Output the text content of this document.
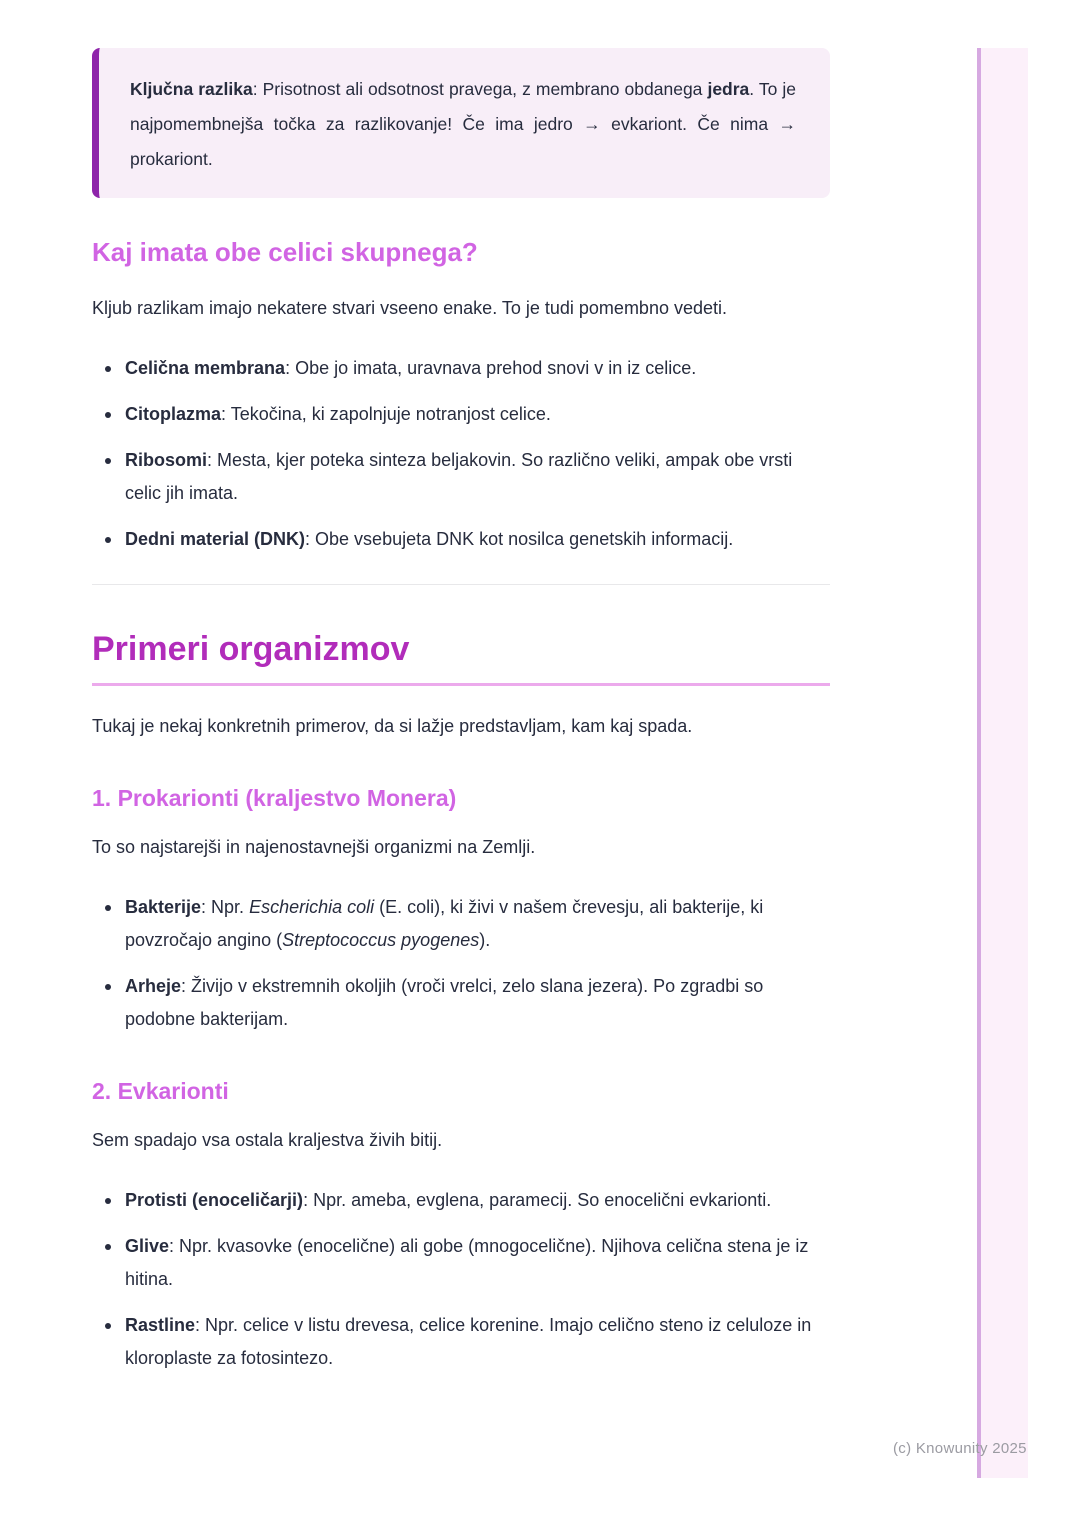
Ključna razlika: Prisotnost ali odsotnost pravega, z membrano obdanega jedra. To je najpomembnejša točka za razlikovanje! Če ima jedro → evkariont. Če nima → prokariont.

Kaj imata obe celici skupnega?

Kljub razlikam imajo nekatere stvari vseeno enake. To je tudi pomembno vedeti.

Celična membrana: Obe jo imata, uravnava prehod snovi v in iz celice.
Citoplazma: Tekočina, ki zapolnjuje notranjost celice.
Ribosomi: Mesta, kjer poteka sinteza beljakovin. So različno veliki, ampak obe vrsti celic jih imata.
Dedni material (DNK): Obe vsebujeta DNK kot nosilca genetskih informacij.
Primeri organizmov

Tukaj je nekaj konkretnih primerov, da si lažje predstavljam, kam kaj spada.

1. Prokarionti (kraljestvo Monera)

To so najstarejši in najenostavnejši organizmi na Zemlji.

Bakterije: Npr. Escherichia coli (E. coli), ki živi v našem črevesju, ali bakterije, ki povzročajo angino (Streptococcus pyogenes).
Arheje: Živijo v ekstremnih okoljih (vroči vrelci, zelo slana jezera). Po zgradbi so podobne bakterijam.
2. Evkarionti

Sem spadajo vsa ostala kraljestva živih bitij.

Protisti (enoceličarji): Npr. ameba, evglena, paramecij. So enocelični evkarionti.
Glive: Npr. kvasovke (enocelične) ali gobe (mnogocelične). Njihova celična stena je iz hitina.
Rastline: Npr. celice v listu drevesa, celice korenine. Imajo celično steno iz celuloze in kloroplaste za fotosintezo.
(c) Knowunity 2025
